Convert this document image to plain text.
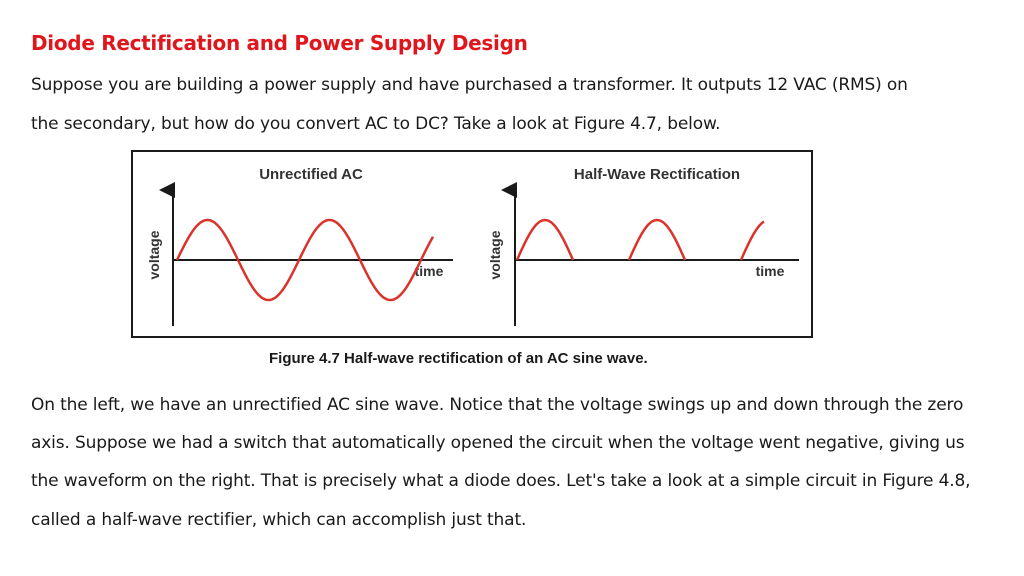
Diode Rectification and Power Supply Design
Suppose you are building a power supply and have purchased a transformer. It outputs 12 VAC (RMS) on
the secondary, but how do you convert AC to DC? Take a look at Figure 4.7, below.
Unrectified AC
voltage	time
Half-Wave Rectification
voltage	time
Figure 4.7 Half-wave rectification of an AC sine wave.
On the left, we have an unrectified AC sine wave. Notice that the voltage swings up and down through the zero
axis. Suppose we had a switch that automatically opened the circuit when the voltage went negative, giving us
the waveform on the right. That is precisely what a diode does. Let's take a look at a simple circuit in Figure 4.8,
called a half-wave rectifier, which can accomplish just that.
